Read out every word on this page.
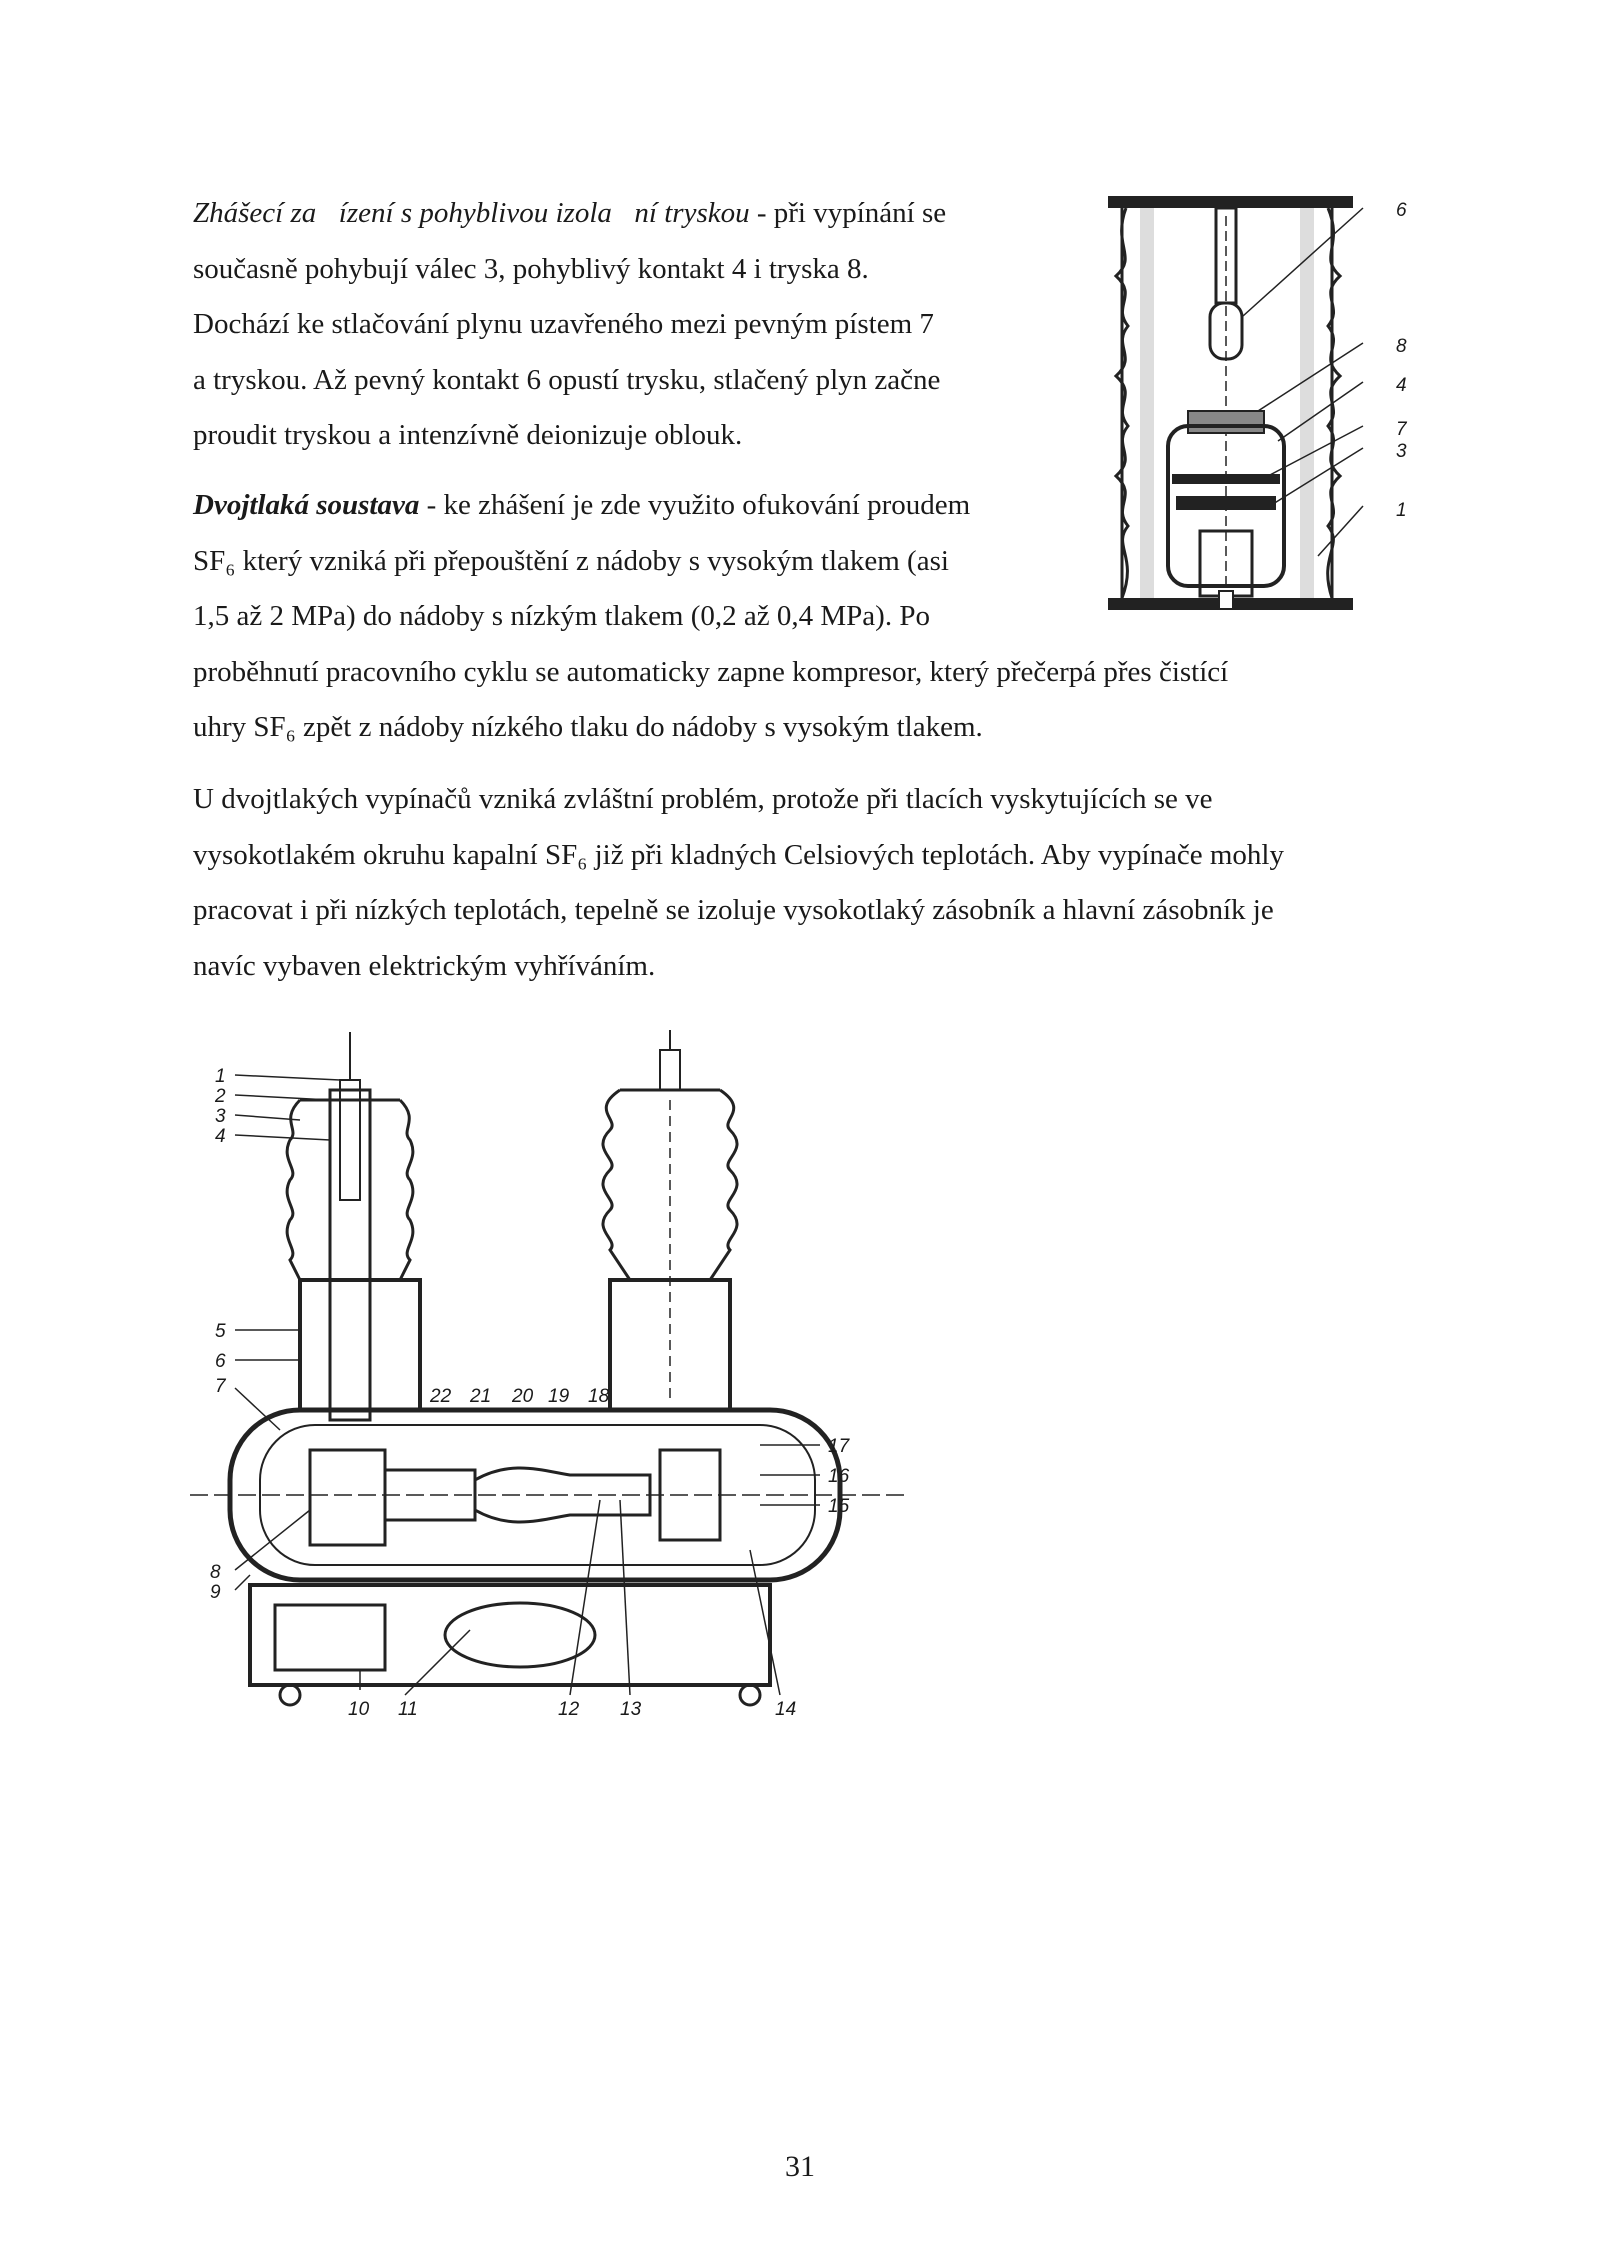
Zhášecí za ízení s pohyblivou izola ní tryskou - při vypínání se
současně pohybují válec 3, pohyblivý kontakt 4 i tryska 8.
Dochází ke stlačování plynu uzavřeného mezi pevným pístem 7
a tryskou. Až pevný kontakt 6 opustí trysku, stlačený plyn začne
proudit tryskou a intenzívně deionizuje oblouk.
Dvojtlaká soustava - ke zhášení je zde využito ofukování proudem
SF₆ který vzniká při přepouštění z nádoby s vysokým tlakem (asi
1,5 až 2 MPa) do nádoby s nízkým tlakem (0,2 až 0,4 MPa). Po
proběhnutí pracovního cyklu se automaticky zapne kompresor, který přečerpá přes čistící
uhry SF₆ zpět z nádoby nízkého tlaku do nádoby s vysokým tlakem.
U dvojtlakých vypínačů vzniká zvláštní problém, protože při tlacích vyskytujících se ve
vysokotlakém okruhu kapalní SF₆ již při kladných Celsiových teplotách. Aby vypínače mohly
pracovat i při nízkých teplotách, tepelně se izoluje vysokotlaký zásobník a hlavní zásobník je
navíc vybaven elektrickým vyhříváním.
6
8
4
7
3
1
1
2
3
4
5
6
7
8
9
22 21 20 19 18
17
16
15
10 11	12 13	14
31
